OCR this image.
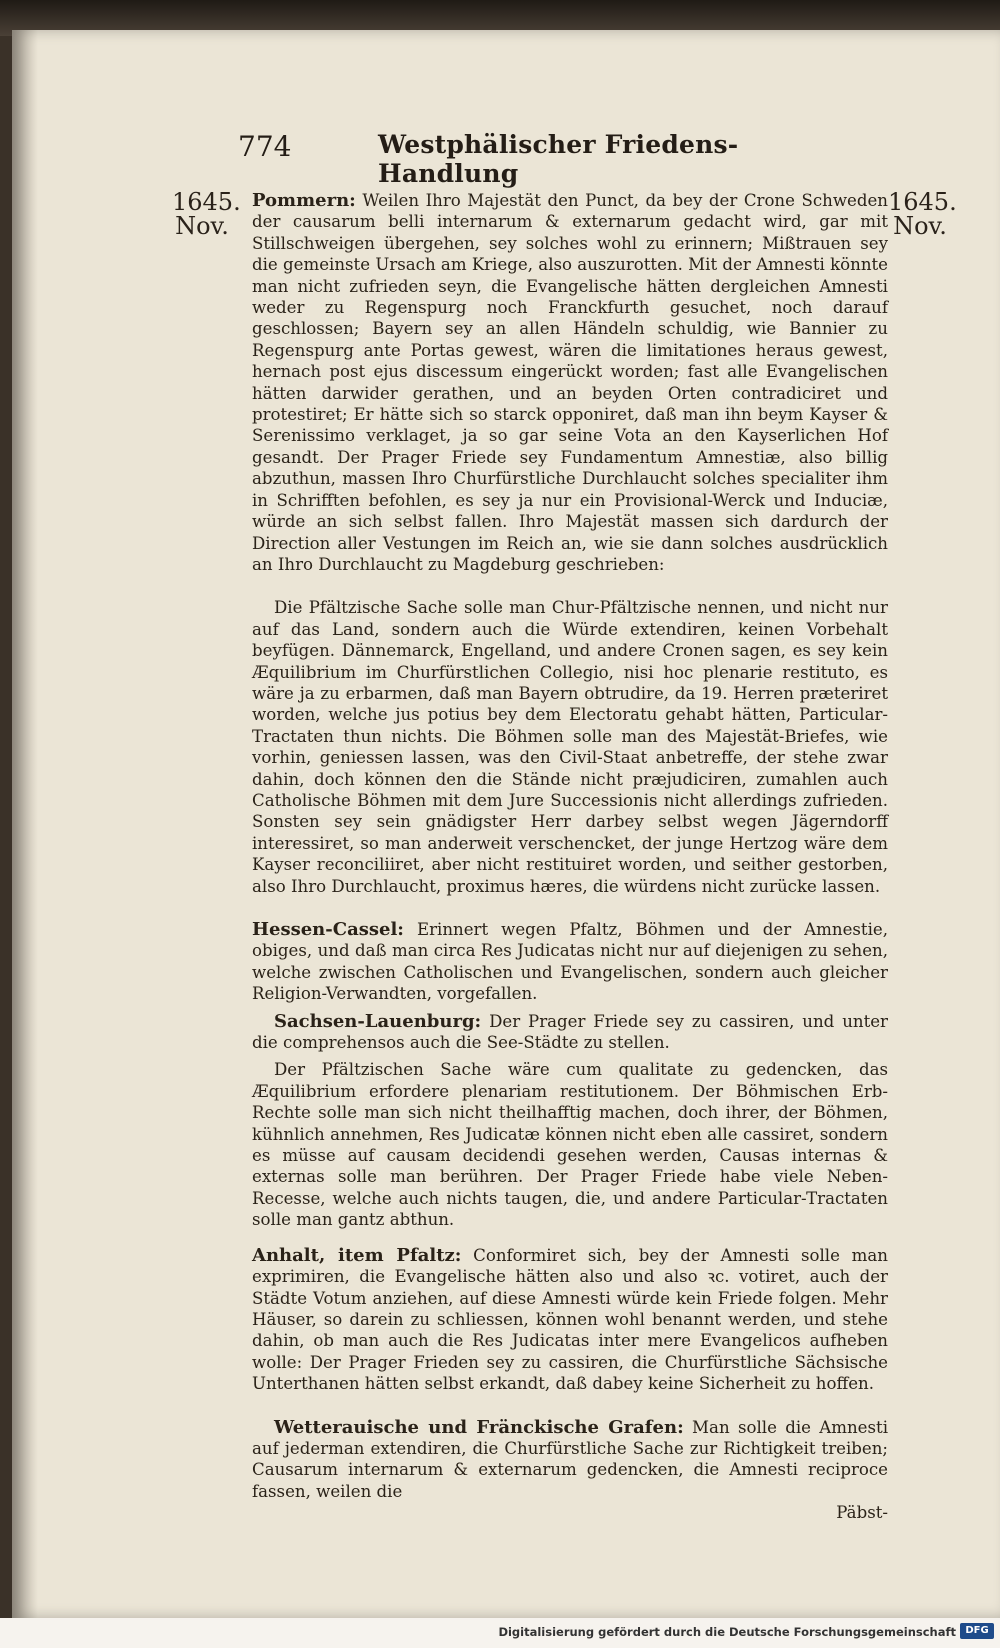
774	Westphälischer Friedens-Handlung
1645.
Nov.
1645.
Nov.

Pommern: Weilen Ihro Majestät den Punct, da bey der Crone Schweden der causarum belli internarum & externarum gedacht wird, gar mit Stillschweigen übergehen, sey solches wohl zu erinnern; Mißtrauen sey die gemeinste Ursach am Kriege, also auszurotten. Mit der Amnesti könnte man nicht zufrieden seyn, die Evangelische hätten dergleichen Amnesti weder zu Regenspurg noch Franckfurth gesuchet, noch darauf geschlossen; Bayern sey an allen Händeln schuldig, wie Bannier zu Regenspurg ante Portas gewest, wären die limitationes heraus gewest, hernach post ejus discessum eingerückt worden; fast alle Evangelischen hätten darwider gerathen, und an beyden Orten contradiciret und protestiret; Er hätte sich so starck opponiret, daß man ihn beym Kayser & Serenissimo verklaget, ja so gar seine Vota an den Kayserlichen Hof gesandt. Der Prager Friede sey Fundamentum Amnestiæ, also billig abzuthun, massen Ihro Churfürstliche Durchlaucht solches specialiter ihm in Schrifften befohlen, es sey ja nur ein Provisional-Werck und Induciæ, würde an sich selbst fallen. Ihro Majestät massen sich dardurch der Direction aller Vestungen im Reich an, wie sie dann solches ausdrücklich an Ihro Durchlaucht zu Magdeburg geschrieben:

Die Pfältzische Sache solle man Chur-Pfältzische nennen, und nicht nur auf das Land, sondern auch die Würde extendiren, keinen Vorbehalt beyfügen. Dännemarck, Engelland, und andere Cronen sagen, es sey kein Æquilibrium im Churfürstlichen Collegio, nisi hoc plenarie restituto, es wäre ja zu erbarmen, daß man Bayern obtrudire, da 19. Herren præteriret worden, welche jus potius bey dem Electoratu gehabt hätten, Particular-Tractaten thun nichts. Die Böhmen solle man des Majestät-Briefes, wie vorhin, geniessen lassen, was den Civil-Staat anbetreffe, der stehe zwar dahin, doch können den die Stände nicht præjudiciren, zumahlen auch Catholische Böhmen mit dem Jure Successionis nicht allerdings zufrieden. Sonsten sey sein gnädigster Herr darbey selbst wegen Jägerndorff interessiret, so man anderweit verschencket, der junge Hertzog wäre dem Kayser reconciliiret, aber nicht restituiret worden, und seither gestorben, also Ihro Durchlaucht, proximus hæres, die würdens nicht zurücke lassen.

Hessen-Cassel: Erinnert wegen Pfaltz, Böhmen und der Amnestie, obiges, und daß man circa Res Judicatas nicht nur auf diejenigen zu sehen, welche zwischen Catholischen und Evangelischen, sondern auch gleicher Religion-Verwandten, vorgefallen.

Sachsen-Lauenburg: Der Prager Friede sey zu cassiren, und unter die comprehensos auch die See-Städte zu stellen.

Der Pfältzischen Sache wäre cum qualitate zu gedencken, das Æquilibrium erfordere plenariam restitutionem. Der Böhmischen Erb-Rechte solle man sich nicht theilhafftig machen, doch ihrer, der Böhmen, kühnlich annehmen, Res Judicatæ können nicht eben alle cassiret, sondern es müsse auf causam decidendi gesehen werden, Causas internas & externas solle man berühren. Der Prager Friede habe viele Neben-Recesse, welche auch nichts taugen, die, und andere Particular-Tractaten solle man gantz abthun.

Anhalt, item Pfaltz: Conformiret sich, bey der Amnesti solle man exprimiren, die Evangelische hätten also und also ꝛc. votiret, auch der Städte Votum anziehen, auf diese Amnesti würde kein Friede folgen. Mehr Häuser, so darein zu schliessen, können wohl benannt werden, und stehe dahin, ob man auch die Res Judicatas inter mere Evangelicos aufheben wolle: Der Prager Frieden sey zu cassiren, die Churfürstliche Sächsische Unterthanen hätten selbst erkandt, daß dabey keine Sicherheit zu hoffen.

Wetterauische und Fränckische Grafen: Man solle die Amnesti auf jederman extendiren, die Churfürstliche Sache zur Richtigkeit treiben; Causarum internarum & externarum gedencken, die Amnesti reciproce fassen, weilen die

Päbst-
Digitalisierung gefördert durch die Deutsche Forschungsgemeinschaft DFG
